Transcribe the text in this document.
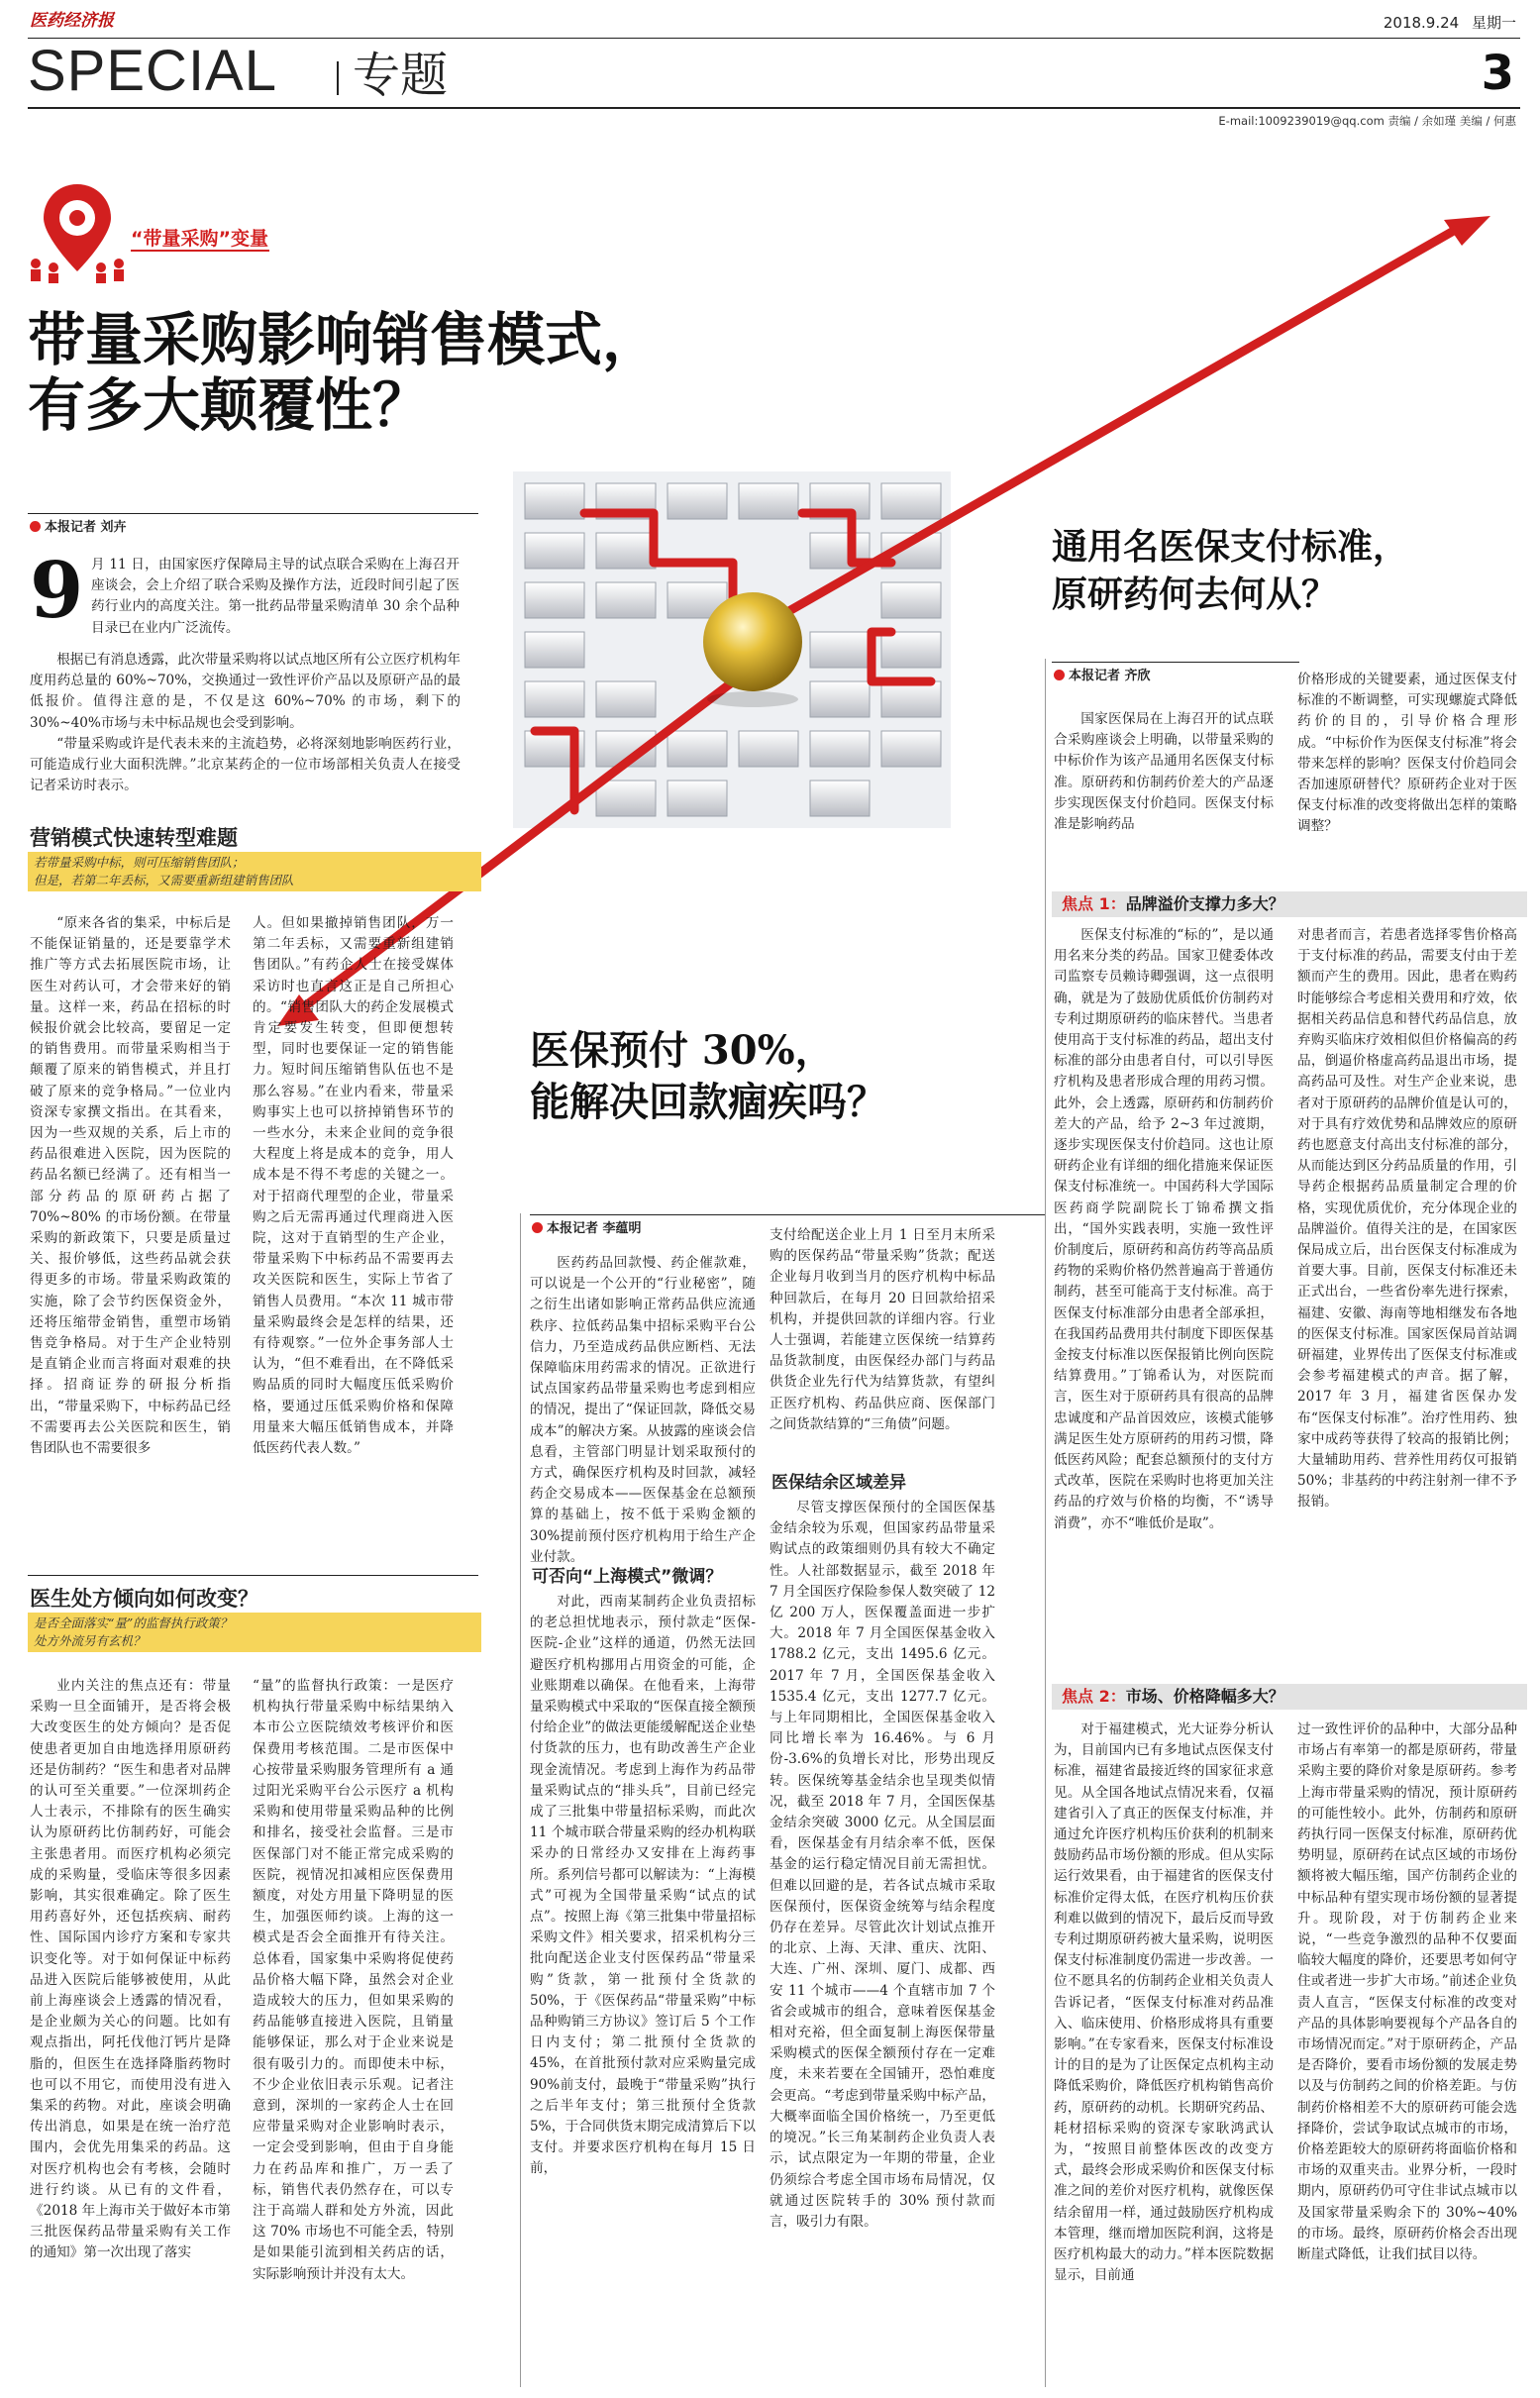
医药经济报	2018.9.24 星期一
SPECIAL 专题	3
E-mail:1009239019@qq.com 责编 / 余如瑾 美编 / 何惠
“带量采购”变量
带量采购影响销售模式，
有多大颠覆性？
本报记者 刘卉
9 月 11 日，由国家医疗保障局主导的试点联合采购在上海召开座谈会，会上介绍了联合采购及操作方法，近段时间引起了医药行业内的高度关注。第一批药品带量采购清单 30 余个品种目录已在业内广泛流传。

根据已有消息透露，此次带量采购将以试点地区所有公立医疗机构年度用药总量的 60%~70%，交换通过一致性评价产品以及原研产品的最低报价。值得注意的是，不仅是这 60%~70% 的市场，剩下的 30%~40%市场与未中标品规也会受到影响。

“带量采购或许是代表未来的主流趋势，必将深刻地影响医药行业，可能造成行业大面积洗牌。”北京某药企的一位市场部相关负责人在接受记者采访时表示。

营销模式快速转型难题
若带量采购中标，则可压缩销售团队；
但是，若第二年丢标，又需要重新组建销售团队

“原来各省的集采，中标后是不能保证销量的，还是要靠学术推广等方式去拓展医院市场，让医生对药认可，才会带来好的销量。这样一来，药品在招标的时候报价就会比较高，要留足一定的销售费用。而带量采购相当于颠覆了原来的销售模式，并且打破了原来的竞争格局。”一位业内资深专家撰文指出。在其看来，因为一些双规的关系，后上市的药品很难进入医院，因为医院的药品名额已经满了。还有相当一部分药品的原研药占据了 70%~80% 的市场份额。在带量采购的新政策下，只要是质量过关、报价够低，这些药品就会获得更多的市场。带量采购政策的实施，除了会节约医保资金外，还将压缩带金销售，重塑市场销售竞争格局。对于生产企业特别是直销企业而言将面对艰难的抉择。招商证券的研报分析指出，“带量采购下，中标药品已经不需要再去公关医院和医生，销售团队也不需要很多

人。但如果撤掉销售团队，万一第二年丢标，又需要重新组建销售团队。”有药企人士在接受媒体采访时也直言这正是自己所担心的。“销售团队大的药企发展模式肯定要发生转变，但即便想转型，同时也要保证一定的销售能力。短时间压缩销售队伍也不是那么容易。”在业内看来，带量采购事实上也可以挤掉销售环节的一些水分，未来企业间的竞争很大程度上将是成本的竞争，用人成本是不得不考虑的关键之一。对于招商代理型的企业，带量采购之后无需再通过代理商进入医院，这对于直销型的生产企业，带量采购下中标药品不需要再去攻关医院和医生，实际上节省了销售人员费用。“本次 11 城市带量采购最终会是怎样的结果，还有待观察。”一位外企事务部人士认为，“但不难看出，在不降低采购品质的同时大幅度压低采购价格，要通过压低采购价格和保障用量来大幅压低销售成本，并降低医药代表人数。”

医生处方倾向如何改变？
是否全面落实“量”的监督执行政策？
处方外流另有玄机？

业内关注的焦点还有：带量采购一旦全面铺开，是否将会极大改变医生的处方倾向？是否促使患者更加自由地选择用原研药还是仿制药？“医生和患者对品牌的认可至关重要。”一位深圳药企人士表示，不排除有的医生确实认为原研药比仿制药好，可能会主张患者用。而医疗机构必须完成的采购量，受临床等很多因素影响，其实很难确定。除了医生用药喜好外，还包括疾病、耐药性、国际国内诊疗方案和专家共识变化等。对于如何保证中标药品进入医院后能够被使用，从此前上海座谈会上透露的情况看，是企业颇为关心的问题。比如有观点指出，阿托伐他汀钙片是降脂的，但医生在选择降脂药物时也可以不用它，而使用没有进入集采的药物。对此，座谈会明确传出消息，如果是在统一治疗范围内，会优先用集采的药品。这对医疗机构也会有考核，会随时进行约谈。从已有的文件看，《2018 年上海市关于做好本市第三批医保药品带量采购有关工作的通知》第一次出现了落实

“量”的监督执行政策：一是医疗机构执行带量采购中标结果纳入本市公立医院绩效考核评价和医保费用考核范围。二是市医保中心按带量采购服务管理所有 a 通过阳光采购平台公示医疗 a 机构采购和使用带量采购品种的比例和排名，接受社会监督。三是市医保部门对不能正常完成采购的医院，视情况扣减相应医保费用额度，对处方用量下降明显的医生，加强医师约谈。上海的这一模式是否会全面推开有待关注。总体看，国家集中采购将促使药品价格大幅下降，虽然会对企业造成较大的压力，但如果采购的药品能够直接进入医院，且销量能够保证，那么对于企业来说是很有吸引力的。而即使未中标，不少企业依旧表示乐观。记者注意到，深圳的一家药企人士在回应带量采购对企业影响时表示，一定会受到影响，但由于自身能力在药品库和推广，万一丢了标，销售代表仍然存在，可以专注于高端人群和处方外流，因此这 70% 市场也不可能全丢，特别是如果能引流到相关药店的话，实际影响预计并没有太大。

医保预付 30%，
能解决回款痼疾吗？
本报记者 李蕴明

医药药品回款慢、药企催款难，可以说是一个公开的“行业秘密”，随之衍生出诸如影响正常药品供应流通秩序、拉低药品集中招标采购平台公信力，乃至造成药品供应断档、无法保障临床用药需求的情况。正欲进行试点国家药品带量采购也考虑到相应的情况，提出了“保证回款，降低交易成本”的解决方案。从披露的座谈会信息看，主管部门明显计划采取预付的方式，确保医疗机构及时回款，减轻药企交易成本——医保基金在总额预算的基础上，按不低于采购金额的 30%提前预付医疗机构用于给生产企业付款。

可否向“上海模式”微调？

对此，西南某制药企业负责招标的老总担忧地表示，预付款走“医保-医院-企业”这样的通道，仍然无法回避医疗机构挪用占用资金的可能，企业账期难以确保。在他看来，上海带量采购模式中采取的“医保直接全额预付给企业”的做法更能缓解配送企业垫付货款的压力，也有助改善生产企业现金流情况。考虑到上海作为药品带量采购试点的“排头兵”，目前已经完成了三批集中带量招标采购，而此次 11 个城市联合带量采购的经办机构联采办的日常经办又安排在上海药事所。系列信号都可以解读为：“上海模式”可视为全国带量采购“试点的试点”。按照上海《第三批集中带量招标采购文件》相关要求，招采机构分三批向配送企业支付医保药品“带量采购”货款，第一批预付全货款的 50%，于《医保药品“带量采购”中标品种购销三方协议》签订后 5 个工作日内支付；第二批预付全货款的 45%，在首批预付款对应采购量完成 90%前支付，最晚于“带量采购”执行之后半年支付；第三批预付全货款 5%，于合同供货末期完成清算后下以支付。并要求医疗机构在每月 15 日前，

支付给配送企业上月 1 日至月末所采购的医保药品“带量采购”货款；配送企业每月收到当月的医疗机构中标品种回款后，在每月 20 日回款给招采机构，并提供回款的详细内容。行业人士强调，若能建立医保统一结算药品货款制度，由医保经办部门与药品供货企业先行代为结算货款，有望纠正医疗机构、药品供应商、医保部门之间货款结算的“三角债”问题。

医保结余区域差异

尽管支撑医保预付的全国医保基金结余较为乐观，但国家药品带量采购试点的政策细则仍具有较大不确定性。人社部数据显示，截至 2018 年 7 月全国医疗保险参保人数突破了 12 亿 200 万人，医保覆盖面进一步扩大。2018 年 7 月全国医保基金收入 1788.2 亿元，支出 1495.6 亿元。2017 年 7 月，全国医保基金收入 1535.4 亿元，支出 1277.7 亿元。与上年同期相比，全国医保基金收入同比增长率为 16.46%。与 6 月份-3.6%的负增长对比，形势出现反转。医保统筹基金结余也呈现类似情况，截至 2018 年 7 月，全国医保基金结余突破 3000 亿元。从全国层面看，医保基金有月结余率不低，医保基金的运行稳定情况目前无需担忧。但难以回避的是，若各试点城市采取医保预付，医保资金统筹与结余程度仍存在差异。尽管此次计划试点推开的北京、上海、天津、重庆、沈阳、大连、广州、深圳、厦门、成都、西安 11 个城市——4 个直辖市加 7 个省会或城市的组合，意味着医保基金相对充裕，但全面复制上海医保带量采购模式的医保全额预付存在一定难度，未来若要在全国铺开，恐怕难度会更高。“考虑到带量采购中标产品，大概率面临全国价格统一，乃至更低的境况。”长三角某制药企业负责人表示，试点限定为一年期的带量，企业仍须综合考虑全国市场布局情况，仅就通过医院转手的 30% 预付款而言，吸引力有限。

通用名医保支付标准，
原研药何去何从？
本报记者 齐欣

国家医保局在上海召开的试点联合采购座谈会上明确，以带量采购的中标价作为该产品通用名医保支付标准。原研药和仿制药价差大的产品逐步实现医保支付价趋同。医保支付标准是影响药品

价格形成的关键要素，通过医保支付标准的不断调整，可实现螺旋式降低药价的目的，引导价格合理形成。“中标价作为医保支付标准”将会带来怎样的影响？医保支付价趋同会否加速原研替代？原研药企业对于医保支付标准的改变将做出怎样的策略调整？

焦点 1：品牌溢价支撑力多大？

医保支付标准的“标的”，是以通用名来分类的药品。国家卫健委体改司监察专员赖诗卿强调，这一点很明确，就是为了鼓励优质低价仿制药对专利过期原研药的临床替代。当患者使用高于支付标准的药品，超出支付标准的部分由患者自付，可以引导医疗机构及患者形成合理的用药习惯。此外，会上透露，原研药和仿制药价差大的产品，给予 2~3 年过渡期，逐步实现医保支付价趋同。这也让原研药企业有详细的细化措施来保证医保支付标准统一。中国药科大学国际医药商学院副院长丁锦希撰文指出，“国外实践表明，实施一致性评价制度后，原研药和高仿药等高品质药物的采购价格仍然普遍高于普通仿制药，甚至可能高于支付标准。高于医保支付标准部分由患者全部承担，在我国药品费用共付制度下即医保基金按支付标准以医保报销比例向医院结算费用。”丁锦希认为，对医院而言，医生对于原研药具有很高的品牌忠诚度和产品首因效应，该模式能够满足医生处方原研药的用药习惯，降低医药风险；配套总额预付的支付方式改革，医院在采购时也将更加关注药品的疗效与价格的均衡，不“诱导消费”，亦不“唯低价是取”。

对患者而言，若患者选择零售价格高于支付标准的药品，需要支付由于差额而产生的费用。因此，患者在购药时能够综合考虑相关费用和疗效，依据相关药品信息和替代药品信息，放弃购买临床疗效相似但价格偏高的药品，倒逼价格虚高药品退出市场，提高药品可及性。对生产企业来说，患者对于原研药的品牌价值是认可的，对于具有疗效优势和品牌效应的原研药也愿意支付高出支付标准的部分，从而能达到区分药品质量的作用，引导药企根据药品质量制定合理的价格，实现优质优价，充分体现企业的品牌溢价。值得关注的是，在国家医保局成立后，出台医保支付标准成为首要大事。目前，医保支付标准还未正式出台，一些省份率先进行探索，福建、安徽、海南等地相继发布各地的医保支付标准。国家医保局首站调研福建，业界传出了医保支付标准或会参考福建模式的声音。据了解，2017 年 3 月，福建省医保办发布“医保支付标准”。治疗性用药、独家中成药等获得了较高的报销比例；大量辅助用药、营养性用药仅可报销 50%；非基药的中药注射剂一律不予报销。

焦点 2：市场、价格降幅多大？

对于福建模式，光大证券分析认为，目前国内已有多地试点医保支付标准，福建省最接近终的国家征求意见。从全国各地试点情况来看，仅福建省引入了真正的医保支付标准，并通过允许医疗机构压价获利的机制来鼓励药品市场份额的形成。但从实际运行效果看，由于福建省的医保支付标准价定得太低，在医疗机构压价获利难以做到的情况下，最后反而导致专利过期原研药被大量采购，说明医保支付标准制度仍需进一步改善。一位不愿具名的仿制药企业相关负责人告诉记者，“医保支付标准对药品准入、临床使用、价格形成将具有重要影响。”在专家看来，医保支付标准设计的目的是为了让医保定点机构主动降低采购价，降低医疗机构销售高价药，原研药的动机。长期研究药品、耗材招标采购的资深专家耿鸿武认为，“按照目前整体医改的改变方式，最终会形成采购价和医保支付标准之间的差价对医疗机构，就像医保结余留用一样，通过鼓励医疗机构成本管理，继而增加医院利润，这将是医疗机构最大的动力。”样本医院数据显示，目前通

过一致性评价的品种中，大部分品种市场占有率第一的都是原研药，带量采购主要的降价对象是原研药。参考上海市带量采购的情况，预计原研药的可能性较小。此外，仿制药和原研药执行同一医保支付标准，原研药优势明显，原研药在试点区域的市场份额将被大幅压缩，国产仿制药企业的中标品种有望实现市场份额的显著提升。现阶段，对于仿制药企业来说，“一些竞争激烈的品种不仅要面临较大幅度的降价，还要思考如何守住或者进一步扩大市场。”前述企业负责人直言，“医保支付标准的改变对产品的具体影响要视每个产品各自的市场情况而定。”对于原研药企，产品是否降价，要看市场份额的发展走势以及与仿制药之间的价格差距。与仿制药价格相差不大的原研药可能会选择降价，尝试争取试点城市的市场，价格差距较大的原研药将面临价格和市场的双重夹击。业界分析，一段时期内，原研药仍可守住非试点城市以及国家带量采购余下的 30%~40%的市场。最终，原研药价格会否出现断崖式降低，让我们拭目以待。
